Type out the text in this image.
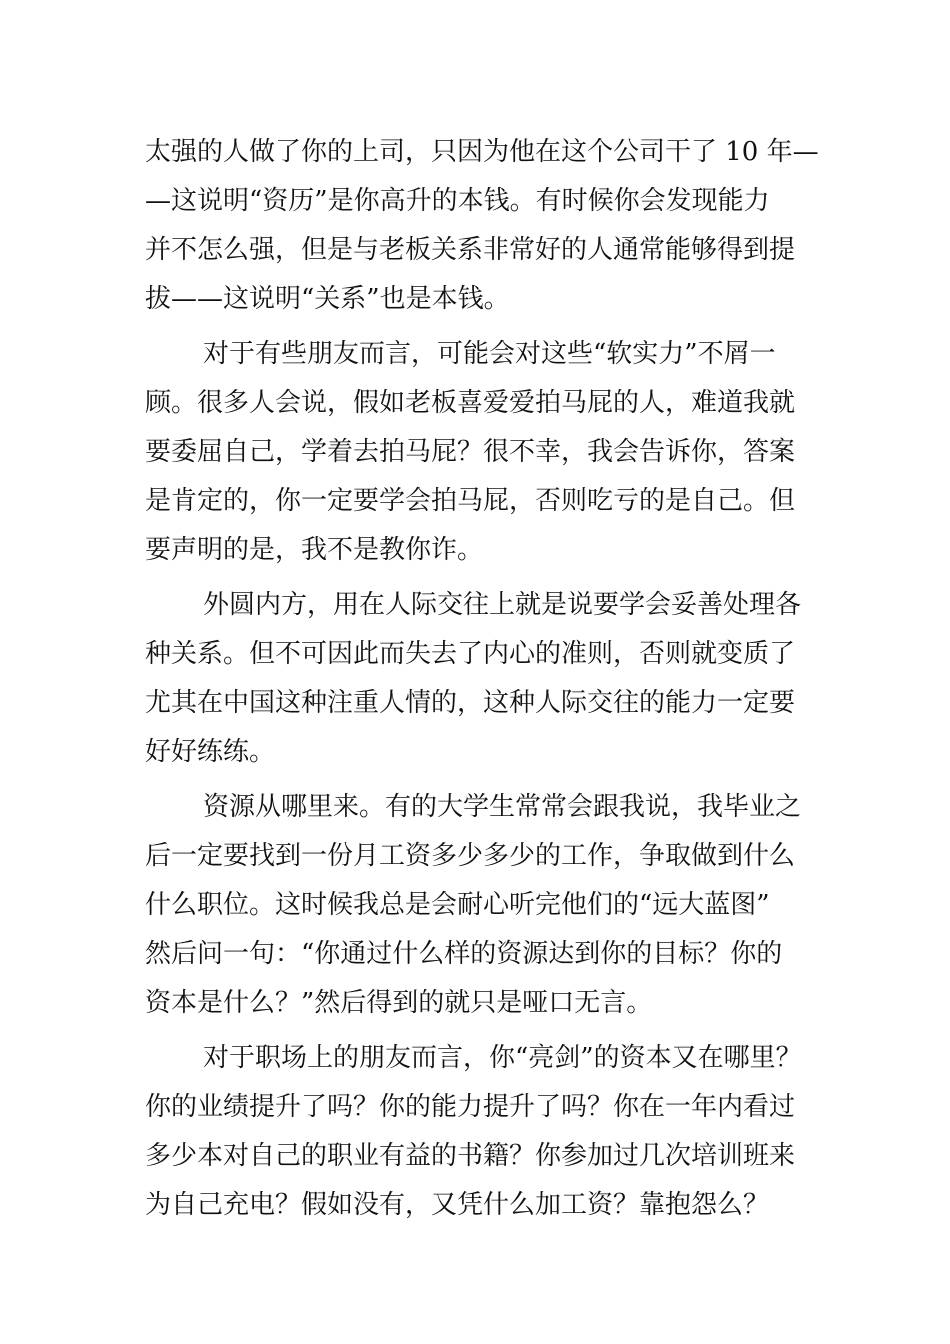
太强的人做了你的上司，只因为他在这个公司干了 10 年—
—这说明“资历”是你高升的本钱。有时候你会发现能力
并不怎么强，但是与老板关系非常好的人通常能够得到提
拔——这说明“关系”也是本钱。
对于有些朋友而言，可能会对这些“软实力”不屑一
顾。很多人会说，假如老板喜爱爱拍马屁的人，难道我就
要委屈自己，学着去拍马屁？很不幸，我会告诉你，答案
是肯定的，你一定要学会拍马屁，否则吃亏的是自己。但
要声明的是，我不是教你诈。
外圆内方，用在人际交往上就是说要学会妥善处理各
种关系。但不可因此而失去了内心的准则，否则就变质了
尤其在中国这种注重人情的，这种人际交往的能力一定要
好好练练。
资源从哪里来。有的大学生常常会跟我说，我毕业之
后一定要找到一份月工资多少多少的工作，争取做到什么
什么职位。这时候我总是会耐心听完他们的“远大蓝图”
然后问一句：“你通过什么样的资源达到你的目标？你的
资本是什么？”然后得到的就只是哑口无言。
对于职场上的朋友而言，你“亮剑”的资本又在哪里？
你的业绩提升了吗？你的能力提升了吗？你在一年内看过
多少本对自己的职业有益的书籍？你参加过几次培训班来
为自己充电？假如没有，又凭什么加工资？靠抱怨么？
